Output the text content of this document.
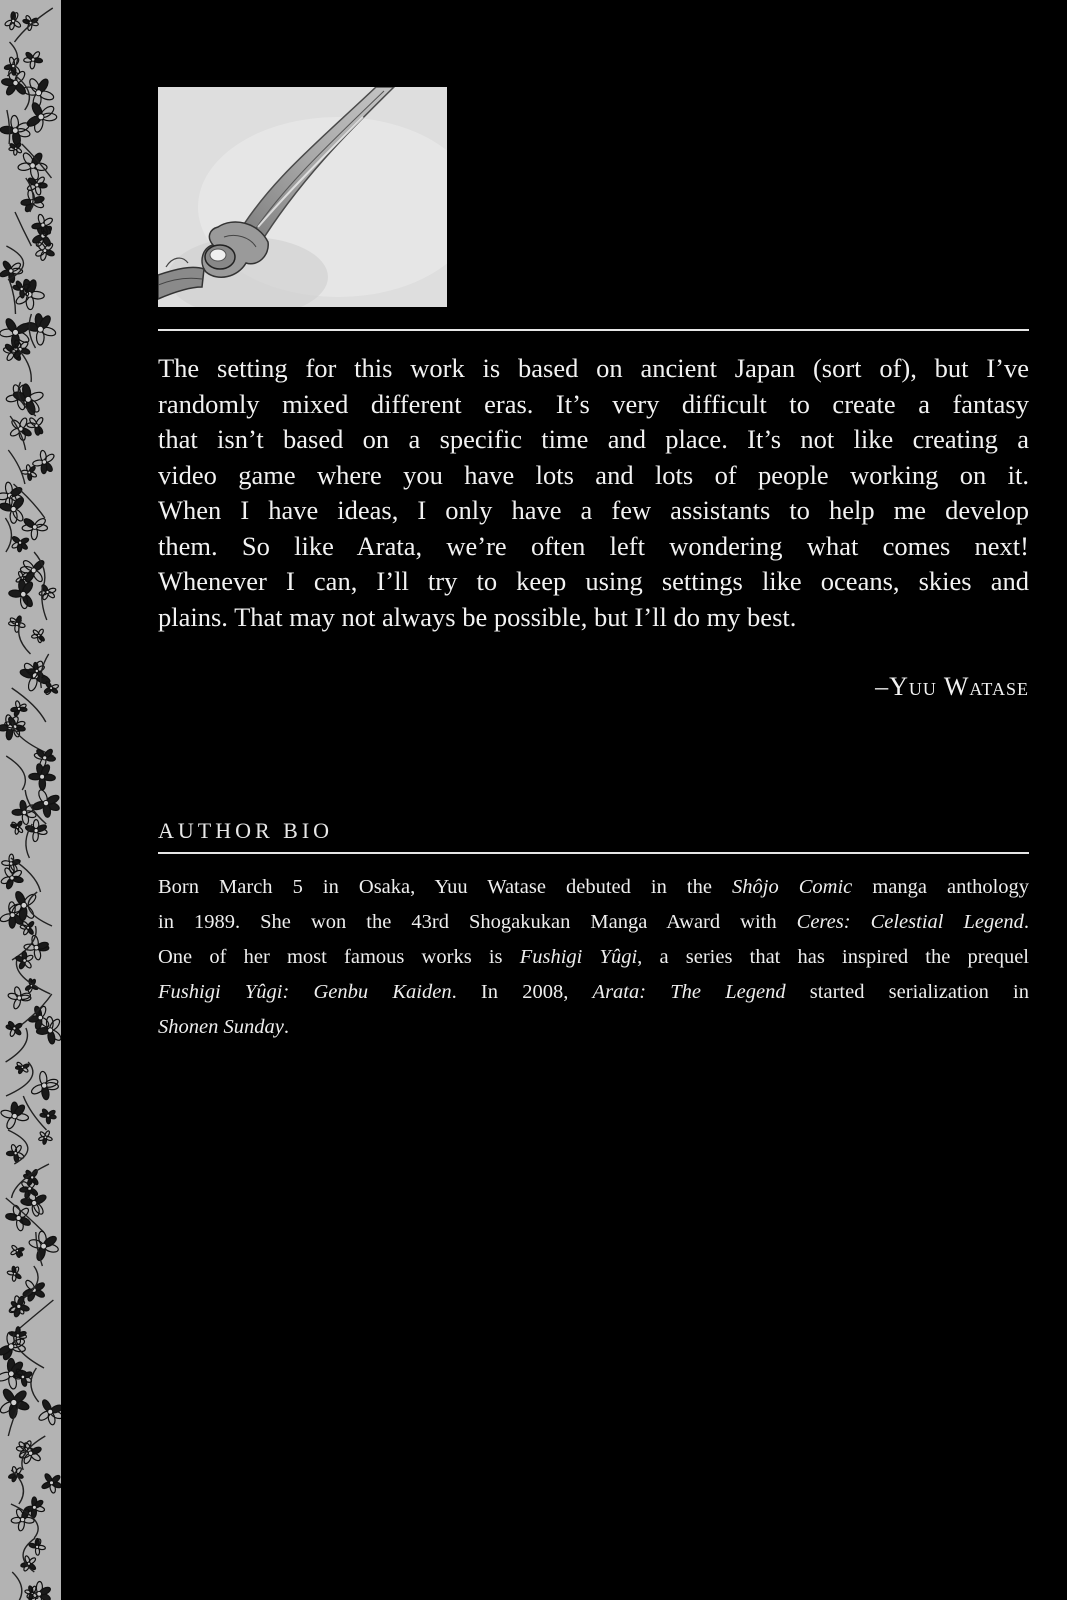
The setting for this work is based on ancient Japan (sort of), but I’ve
randomly mixed different eras. It’s very difficult to create a fantasy
that isn’t based on a specific time and place. It’s not like creating a
video game where you have lots and lots of people working on it.
When I have ideas, I only have a few assistants to help me develop
them. So like Arata, we’re often left wondering what comes next!
Whenever I can, I’ll try to keep using settings like oceans, skies and
plains. That may not always be possible, but I’ll do my best.

–Yuu Watase

AUTHOR BIO

Born March 5 in Osaka, Yuu Watase debuted in the Shôjo Comic manga anthology
in 1989. She won the 43rd Shogakukan Manga Award with Ceres: Celestial Legend.
One of her most famous works is Fushigi Yûgi, a series that has inspired the prequel
Fushigi Yûgi: Genbu Kaiden. In 2008, Arata: The Legend started serialization in
Shonen Sunday.
